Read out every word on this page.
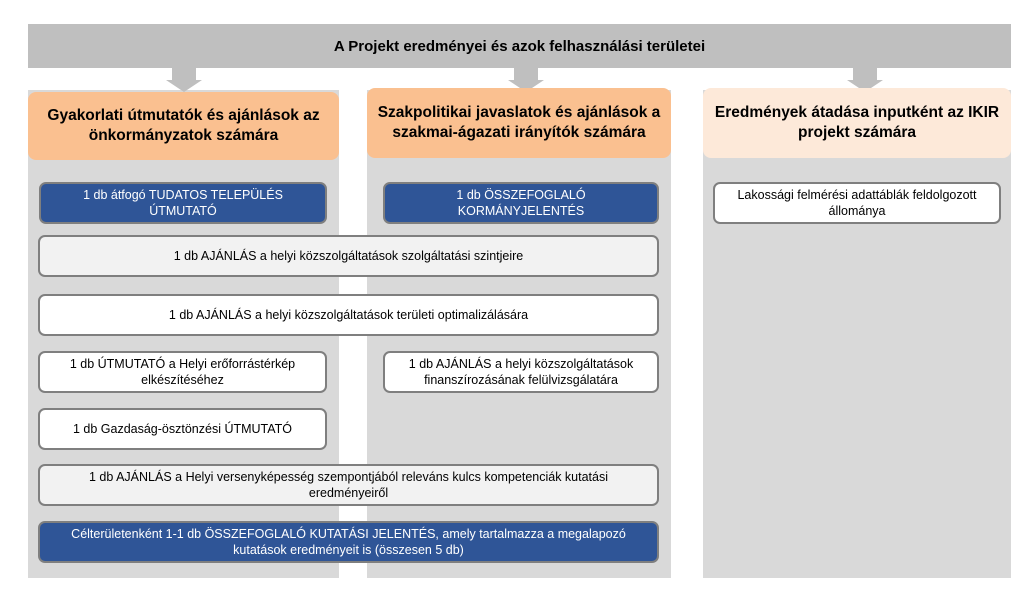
A Projekt eredményei és azok felhasználási területei
Gyakorlati útmutatók és ajánlások az önkormányzatok számára
Szakpolitikai javaslatok és ajánlások a szakmai-ágazati irányítók számára
Eredmények átadása inputként az IKIR projekt számára
1 db átfogó TUDATOS TELEPÜLÉS ÚTMUTATÓ
1 db ÖSSZEFOGLALÓ KORMÁNYJELENTÉS
Lakossági felmérési adattáblák feldolgozott állománya
1 db AJÁNLÁS a helyi közszolgáltatások szolgáltatási szintjeire
1 db AJÁNLÁS a helyi közszolgáltatások területi optimalizálására
1 db ÚTMUTATÓ a Helyi erőforrástérkép elkészítéséhez
1 db AJÁNLÁS a helyi közszolgáltatások finanszírozásának felülvizsgálatára
1 db Gazdaság-ösztönzési ÚTMUTATÓ
1 db AJÁNLÁS a Helyi versenyképesség szempontjából releváns kulcs kompetenciák kutatási eredményeiről
Célterületenként 1-1 db ÖSSZEFOGLALÓ KUTATÁSI JELENTÉS, amely tartalmazza a megalapozó kutatások eredményeit is (összesen 5 db)
